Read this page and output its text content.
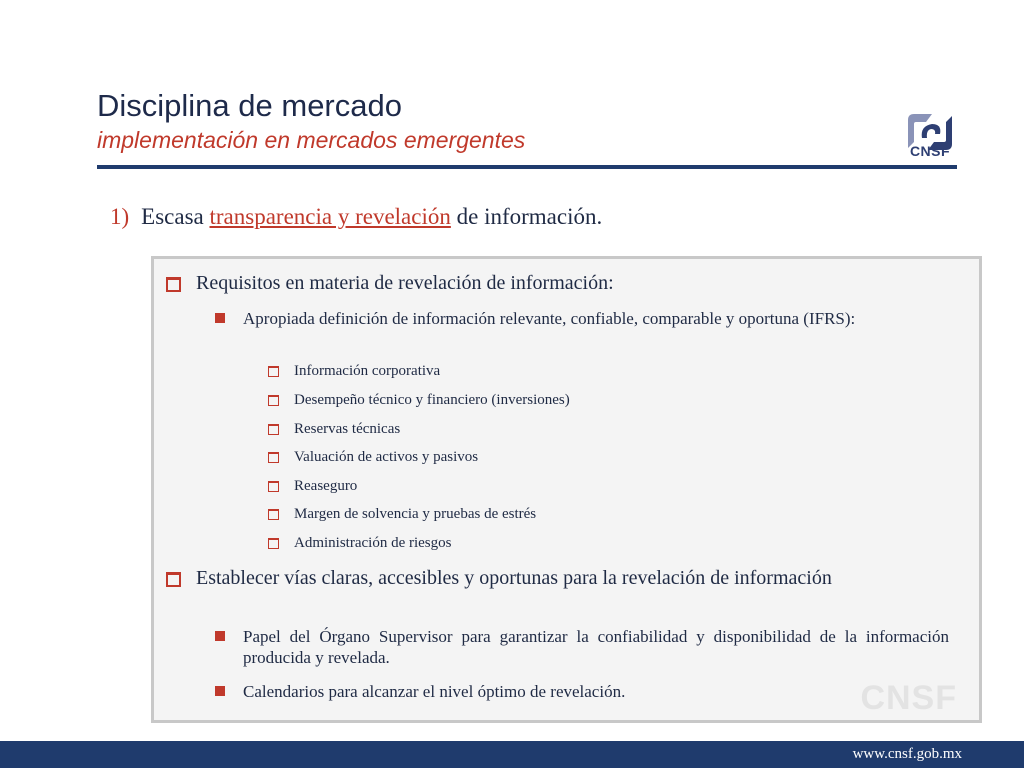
Disciplina de mercado
implementación en mercados emergentes	CNSF
1) Escasa transparencia y revelación de información.
CNSF
Requisitos en materia de revelación de información:
Apropiada definición de información relevante, confiable, comparable y oportuna (IFRS):
Información corporativa
Desempeño técnico y financiero (inversiones)
Reservas técnicas
Valuación de activos y pasivos
Reaseguro
Margen de solvencia y pruebas de estrés
Administración de riesgos
Establecer vías claras, accesibles y oportunas para la revelación de información
Papel del Órgano Supervisor para garantizar la confiabilidad y disponibilidad de la información producida y revelada.
Calendarios para alcanzar el nivel óptimo de revelación.
www.cnsf.gob.mx
